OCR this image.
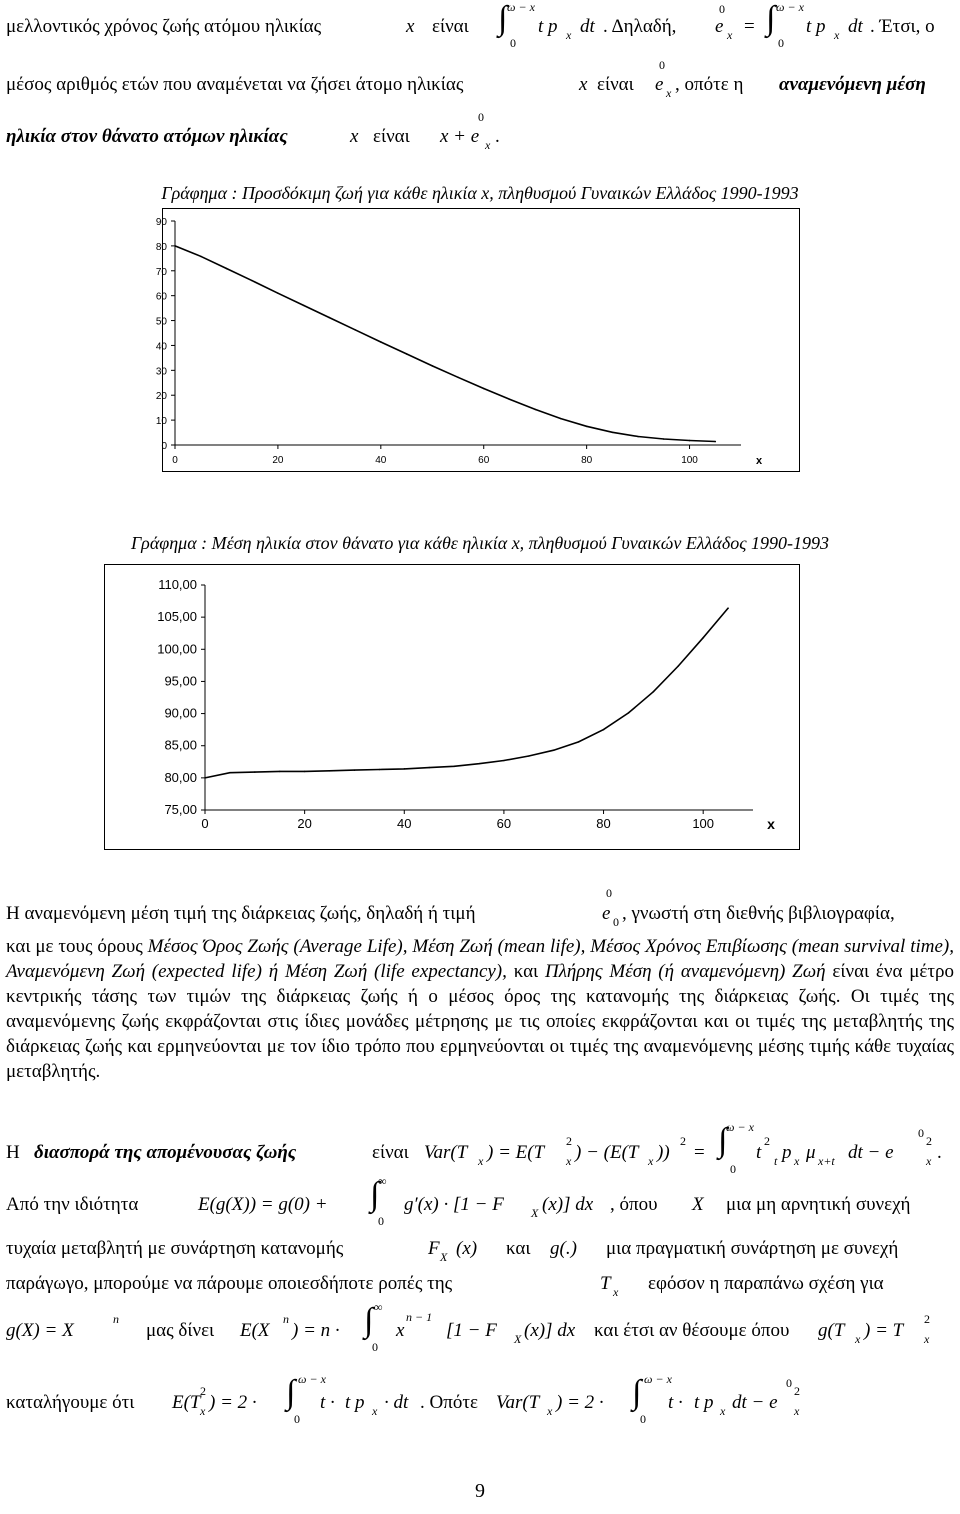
μελλοντικός χρόνος ζωής ατόμου ηλικίας	x είναι
ω − x
∫
0
t p x dt . Δηλαδή,
0
e x =
ω − x
∫
0
t p x dt . Έτσι, ο
μέσος αριθμός ετών που αναμένεται να ζήσει άτομο ηλικίας	x είναι
0
e x , οπότε η αναμενόμενη μέση
ηλικία στον θάνατο ατόμων ηλικίας	x είναι x + e
0
x .
Γράφημα : Προσδόκιμη ζωή για κάθε ηλικία x, πληθυσμού Γυναικών Ελλάδος 1990-1993
0
10
20
30
40
50
60
70
80
90
0	20	40	60	80	100	x
Γράφημα : Μέση ηλικία στον θάνατο για κάθε ηλικία x, πληθυσμού Γυναικών Ελλάδος 1990-1993
75,00
80,00
85,00
90,00
95,00
100,00
105,00
110,00
0	20	40	60	80	100	x
Η αναμενόμενη μέση τιμή της διάρκειας ζωής, δηλαδή ή τιμή
0
e 0 , γνωστή στη διεθνής βιβλιογραφία,
και με τους όρους Μέσος Όρος Ζωής (Average Life), Μέση Ζωή (mean life), Μέσος Χρόνος Επιβίωσης (mean survival time), Αναμενόμενη Ζωή (expected life) ή Μέση Ζωή (life expectancy), και Πλήρης Μέση (ή αναμενόμενη) Ζωή είναι ένα μέτρο κεντρικής τάσης των τιμών της διάρκειας ζωής ή ο μέσος όρος της κατανομής της διάρκειας ζωής. Οι τιμές της αναμενόμενης ζωής εκφράζονται στις ίδιες μονάδες μέτρησης με τις οποίες εκφράζονται και οι τιμές της μεταβλητής της διάρκειας ζωής και ερμηνεύονται με τον ίδιο τρόπο που ερμηνεύονται οι τιμές της αναμενόμενης μέσης τιμής κάθε τυχαίας μεταβλητής.
Η διασπορά της απομένουσας ζωής	είναι Var(T x ) = E(T
2
x ) − (E(T x ))
2
=
ω − x
∫
0
t
2
t p x μ x+t dt − e
0
2
x .
Από την ιδιότητα	E(g(X)) = g(0) +
∞
∫
0
g′(x) · [1 − F X (x)] dx , όπου X μια μη αρνητική συνεχή
τυχαία μεταβλητή με συνάρτηση κατανομής	F X (x) και g(.) μια πραγματική συνάρτηση με συνεχή
παράγωγο, μπορούμε να πάρουμε οποιεσδήποτε ροπές της	T x εφόσον η παραπάνω σχέση για
g(X) = X
n
μας δίνει E(X
n
) = n ·
∞
∫
0
x
n − 1
[1 − F X (x)] dx και έτσι αν θέσουμε όπου g(T x ) = T
2
x
καταλήγουμε ότι E(T
2
x ) = 2 ·
ω − x
∫
0
t · t p x · dt . Οπότε Var(T x ) = 2 ·
ω − x
∫
0
t · t p x dt − e
0
2
x
9
